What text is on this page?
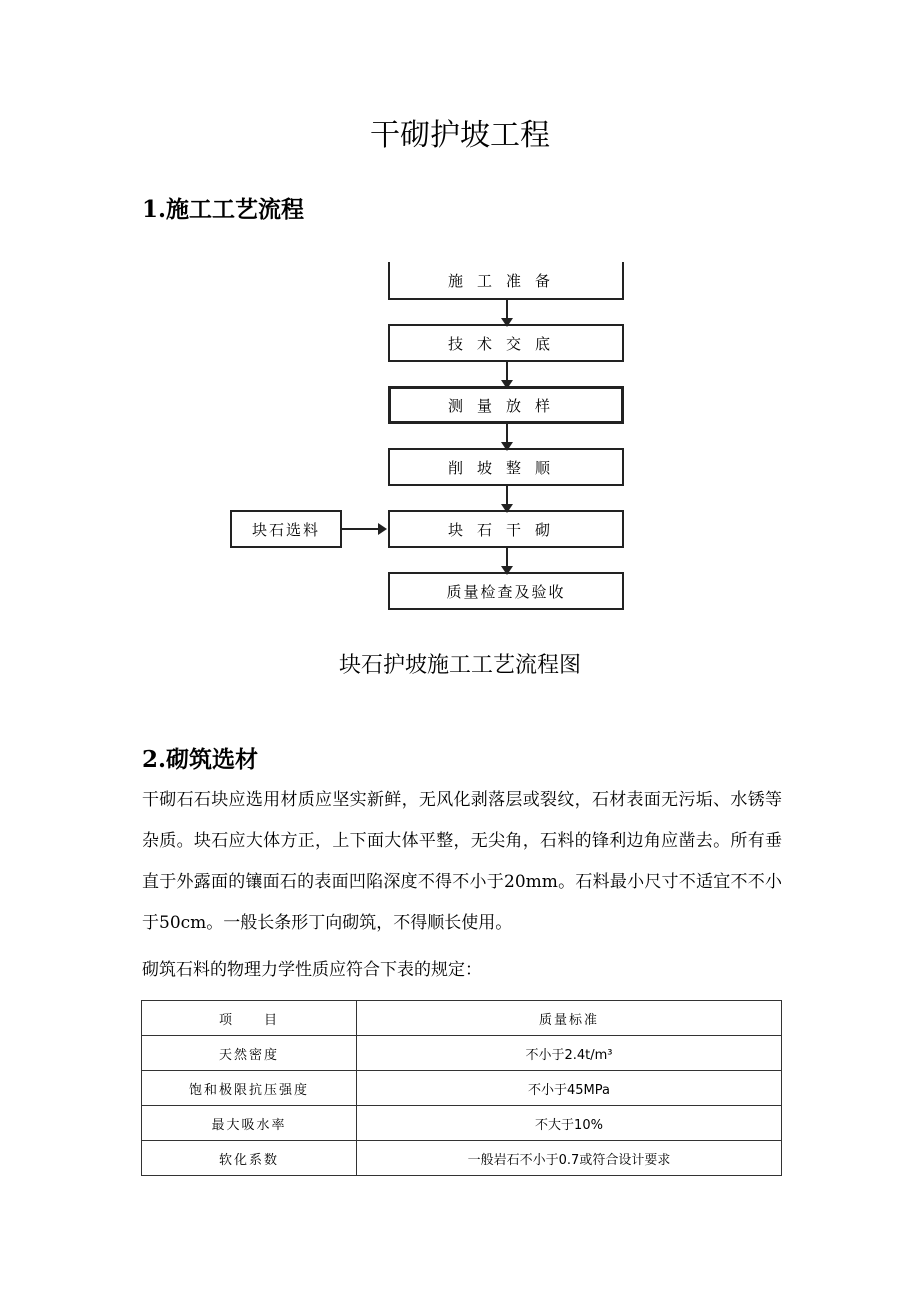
干砌护坡工程
1.施工工艺流程
施工准备
技术交底
测量放样
削坡整顺
块石干砌
质量检查及验收
块石选料
块石护坡施工工艺流程图
2.砌筑选材
干砌石石块应选用材质应坚实新鲜，无风化剥落层或裂纹，石材表面无污垢、水锈等杂质。块石应大体方正，上下面大体平整，无尖角，石料的锋利边角应凿去。所有垂直于外露面的镶面石的表面凹陷深度不得不小于20mm。石料最小尺寸不适宜不不小于50cm。一般长条形丁向砌筑，不得顺长使用。
砌筑石料的物理力学性质应符合下表的规定：
项　　目	质量标准
天然密度	不小于2.4t/m³
饱和极限抗压强度	不小于45MPa
最大吸水率	不大于10%
软化系数	一般岩石不小于0.7或符合设计要求
